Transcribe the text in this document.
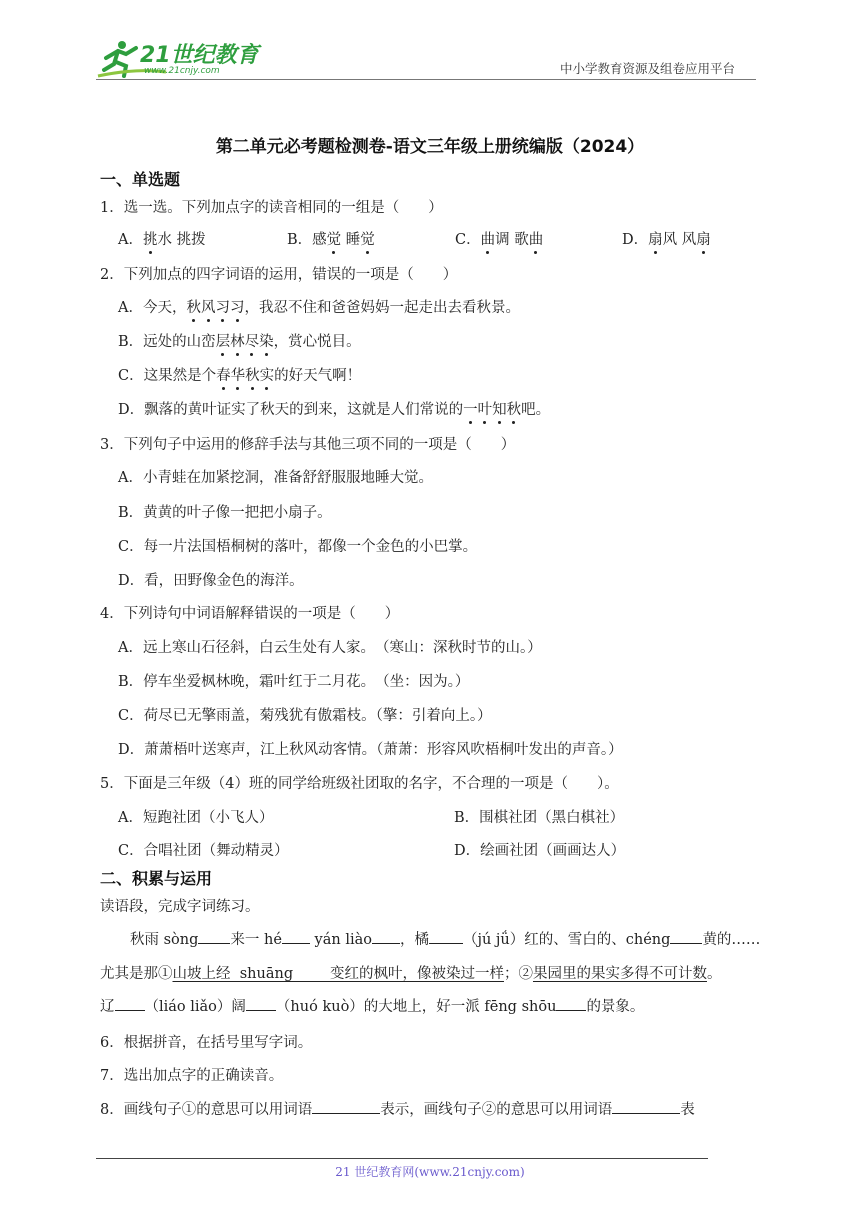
21世纪教育
www.21cnjy.com	中小学教育资源及组卷应用平台
第二单元必考题检测卷-语文三年级上册统编版（2024）
一、单选题
1．选一选。下列加点字的读音相同的一组是（　　）
A．挑水 挑拨	B．感觉 睡觉	C．曲调 歌曲	D．扇风 风扇
2．下列加点的四字词语的运用，错误的一项是（　　）
A．今天，秋风习习，我忍不住和爸爸妈妈一起走出去看秋景。
B．远处的山峦层林尽染，赏心悦目。
C．这果然是个春华秋实的好天气啊！
D．飘落的黄叶证实了秋天的到来，这就是人们常说的一叶知秋吧。
3．下列句子中运用的修辞手法与其他三项不同的一项是（　　）
A．小青蛙在加紧挖洞，准备舒舒服服地睡大觉。
B．黄黄的叶子像一把把小扇子。
C．每一片法国梧桐树的落叶，都像一个金色的小巴掌。
D．看，田野像金色的海洋。
4．下列诗句中词语解释错误的一项是（　　）
A．远上寒山石径斜，白云生处有人家。　（寒山：深秋时节的山。）
B．停车坐爱枫林晚，霜叶红于二月花。　（坐：因为。）
C．荷尽已无擎雨盖，菊残犹有傲霜枝。（擎：引着向上。）
D．萧萧梧叶送寒声，江上秋风动客情。（萧萧：形容风吹梧桐叶发出的声音。）
5．下面是三年级（4）班的同学给班级社团取的名字，不合理的一项是（　　）。
A．短跑社团（小飞人）	B．围棋社团（黑白棋社）
C．合唱社团（舞动精灵）	D．绘画社团（画画达人）
二、积累与运用
读语段，完成字词练习。
秋雨 sòng 来一 hé yán liào ，橘 （jú jǘ）红的、雪白的、chéng 黄的……
尤其是那①山坡上经  shuāng        变红的枫叶，像被染过一样；②果园里的果实多得不可计数。
辽 （liáo liǎo）阔 （huó kuò）的大地上，好一派 fēng shōu 的景象。
6．根据拼音，在括号里写字词。
7．选出加点字的正确读音。
8．画线句子①的意思可以用词语	表示，画线句子②的意思可以用词语	表
21 世纪教育网(www.21cnjy.com)
